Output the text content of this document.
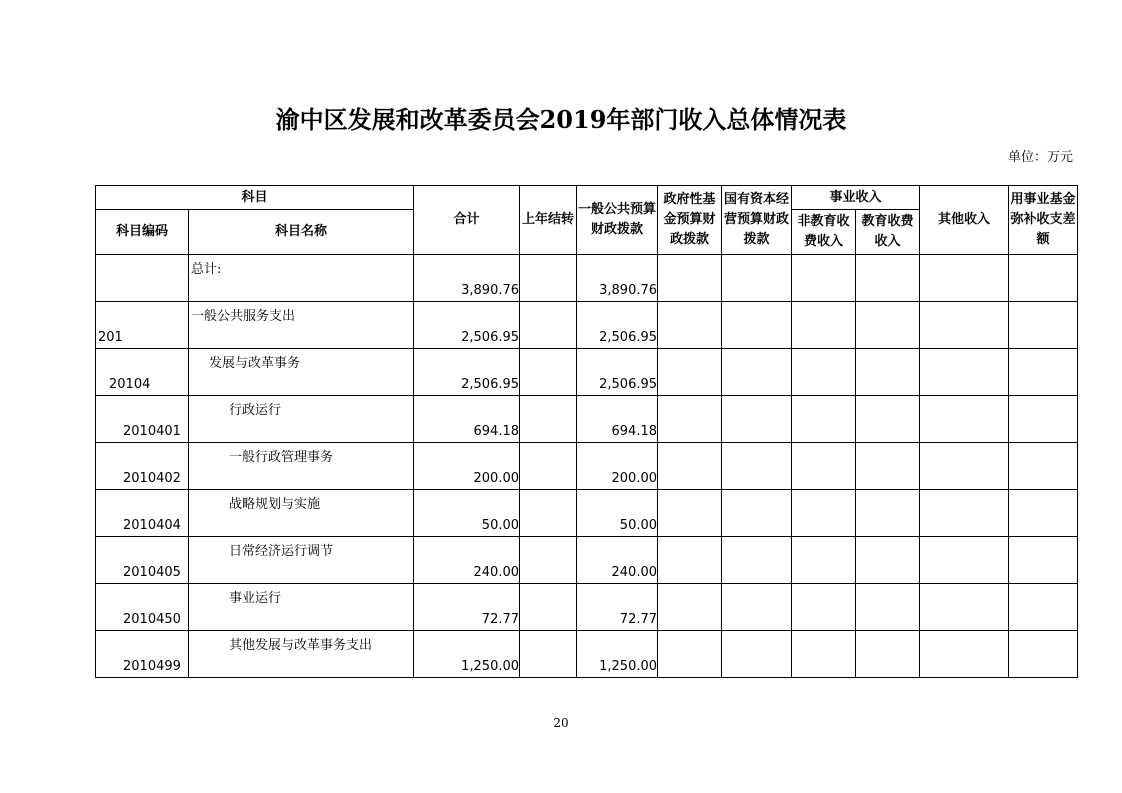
渝中区发展和改革委员会2019年部门收入总体情况表
单位：万元
科目		合计	上年结转	一般公共预算财政拨款	政府性基金预算财政拨款	国有资本经营预算财政拨款	事业收入		其他收入	用事业基金弥补收支差额
科目编码	科目名称						非教育收费收入	教育收费收入		
	总计:	3,890.76		3,890.76						
201	一般公共服务支出	2,506.95		2,506.95						
20104	发展与改革事务	2,506.95		2,506.95						
2010401	行政运行	694.18		694.18						
2010402	一般行政管理事务	200.00		200.00						
2010404	战略规划与实施	50.00		50.00						
2010405	日常经济运行调节	240.00		240.00						
2010450	事业运行	72.77		72.77						
2010499	其他发展与改革事务支出	1,250.00		1,250.00						
20
